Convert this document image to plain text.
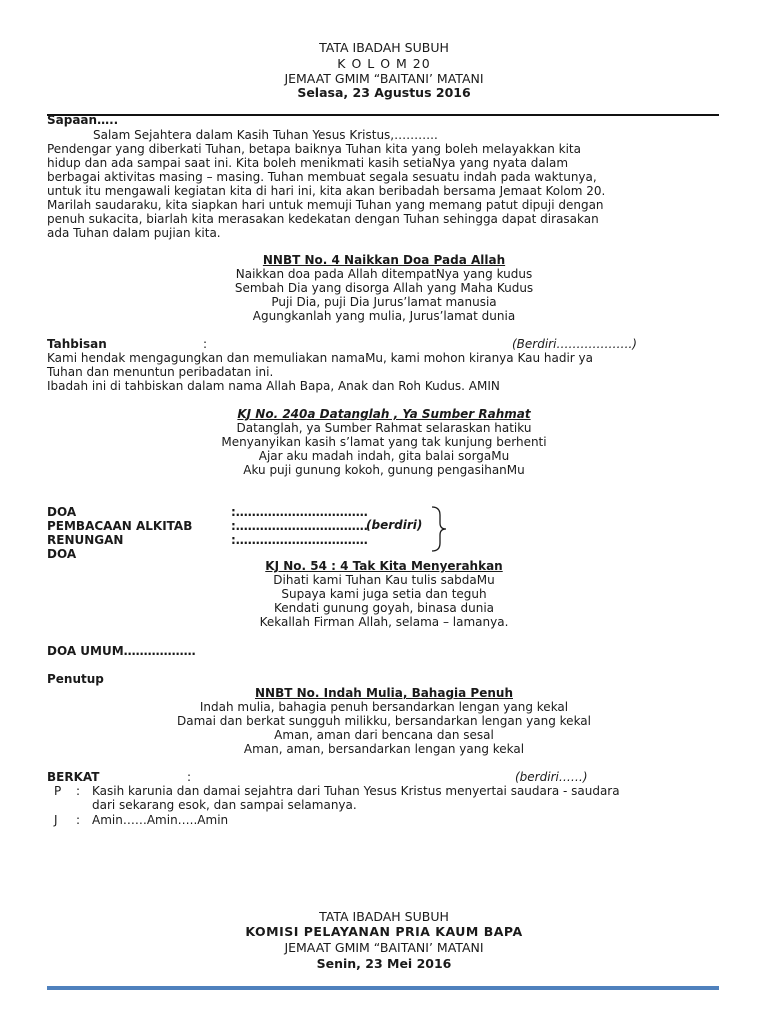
TATA IBADAH SUBUH
K O L O M 20
JEMAAT GMIM “BAITANI’ MATANI
Selasa, 23 Agustus 2016
Sapaan…..
Salam Sejahtera dalam Kasih Tuhan Yesus Kristus,………..
Pendengar yang diberkati Tuhan, betapa baiknya Tuhan kita yang boleh melayakkan kita
hidup dan ada sampai saat ini. Kita boleh menikmati kasih setiaNya yang nyata dalam
berbagai aktivitas masing – masing. Tuhan membuat segala sesuatu indah pada waktunya,
untuk itu mengawali kegiatan kita di hari ini, kita akan beribadah bersama Jemaat Kolom 20.
Marilah saudaraku, kita siapkan hari untuk memuji Tuhan yang memang patut dipuji dengan
penuh sukacita, biarlah kita merasakan kedekatan dengan Tuhan sehingga dapat dirasakan
ada Tuhan dalam pujian kita.
NNBT No. 4 Naikkan Doa Pada Allah
Naikkan doa pada Allah ditempatNya yang kudus
Sembah Dia yang disorga Allah yang Maha Kudus
Puji Dia, puji Dia Jurus’lamat manusia
Agungkanlah yang mulia, Jurus’lamat dunia
Tahbisan	:	(Berdiri……………….)
Kami hendak mengagungkan dan memuliakan namaMu, kami mohon kiranya Kau hadir ya
Tuhan dan menuntun peribadatan ini.
Ibadah ini di tahbiskan dalam nama Allah Bapa, Anak dan Roh Kudus. AMIN
KJ No. 240a Datanglah , Ya Sumber Rahmat
Datanglah, ya Sumber Rahmat selaraskan hatiku
Menyanyikan kasih s’lamat yang tak kunjung berhenti
Ajar aku madah indah, gita balai sorgaMu
Aku puji gunung kokoh, gunung pengasihanMu
DOA	:……………………………
PEMBACAAN ALKITAB	:……………………………
(berdiri)
RENUNGAN	:……………………………
DOA
KJ No. 54 : 4 Tak Kita Menyerahkan
Dihati kami Tuhan Kau tulis sabdaMu
Supaya kami juga setia dan teguh
Kendati gunung goyah, binasa dunia
Kekallah Firman Allah, selama – lamanya.
DOA UMUM………………
Penutup
NNBT No. Indah Mulia, Bahagia Penuh
Indah mulia, bahagia penuh bersandarkan lengan yang kekal
Damai dan berkat sungguh milikku, bersandarkan lengan yang kekal
Aman, aman dari bencana dan sesal
Aman, aman, bersandarkan lengan yang kekal
BERKAT	:	(berdiri……)
P : Kasih karunia dan damai sejahtra dari Tuhan Yesus Kristus menyertai saudara - saudara
dari sekarang esok, dan sampai selamanya.
J : Amin……Amin…..Amin
TATA IBADAH SUBUH
KOMISI PELAYANAN PRIA KAUM BAPA
JEMAAT GMIM “BAITANI’ MATANI
Senin, 23 Mei 2016
